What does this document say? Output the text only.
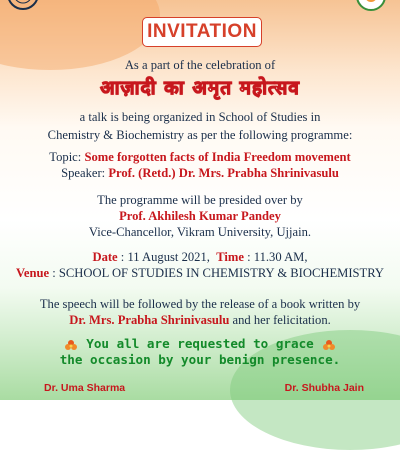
INVITATION
As a part of the celebration of
आज़ादी का अमृत महोत्सव
a talk is being organized in School of Studies in
Chemistry & Biochemistry as per the following programme:
Topic: Some forgotten facts of India Freedom movement
Speaker: Prof. (Retd.) Dr. Mrs. Prabha Shrinivasulu
The programme will be presided over by
Prof. Akhilesh Kumar Pandey
Vice-Chancellor, Vikram University, Ujjain.
Date : 11 August 2021, Time : 11.30 AM,
Venue : SCHOOL OF STUDIES IN CHEMISTRY & BIOCHEMISTRY
The speech will be followed by the release of a book written by
Dr. Mrs. Prabha Shrinivasulu and her felicitation.
You all are requested to grace
the occasion by your benign presence.
Dr. Uma Sharma	Dr. Shubha Jain
